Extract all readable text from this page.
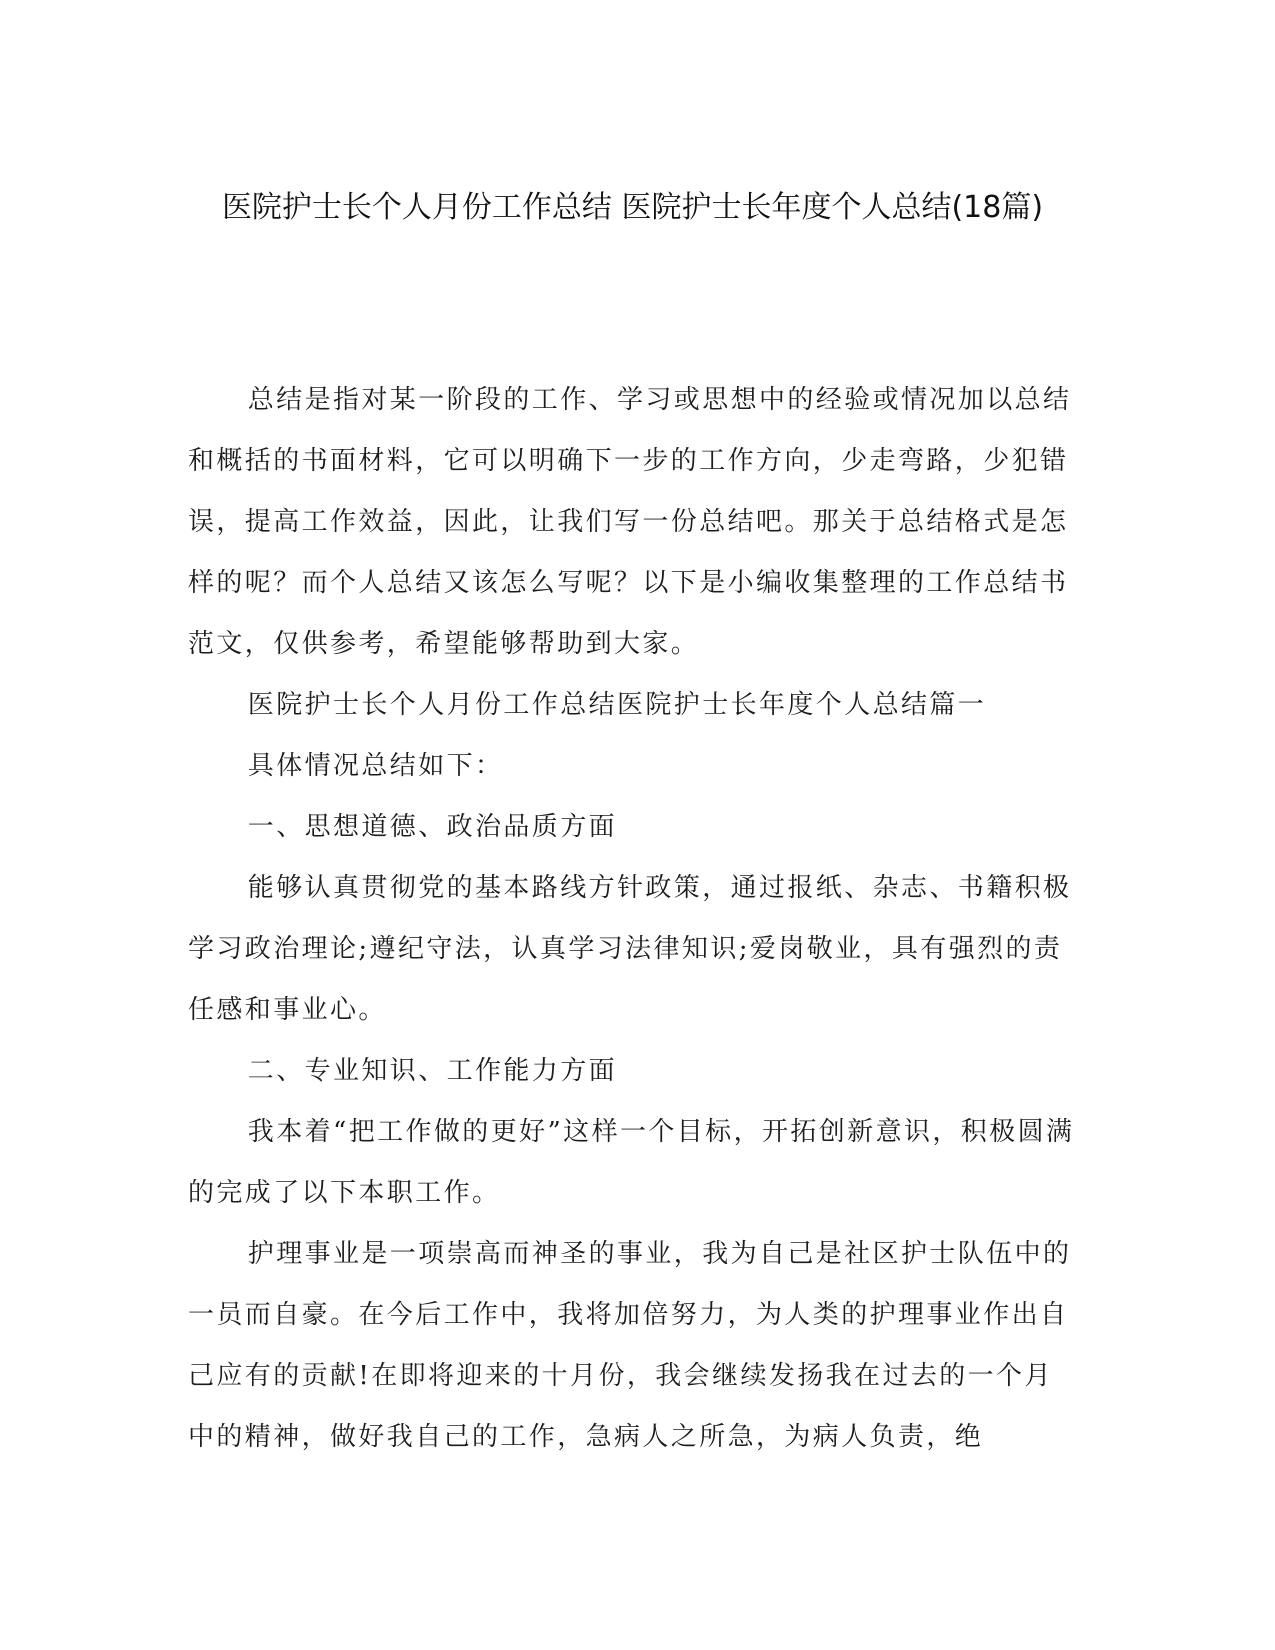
医院护士长个人月份工作总结 医院护士长年度个人总结(18篇)

总结是指对某一阶段的工作、学习或思想中的经验或情况加以总结和概括的书面材料，它可以明确下一步的工作方向，少走弯路，少犯错误，提高工作效益，因此，让我们写一份总结吧。那关于总结格式是怎样的呢？而个人总结又该怎么写呢？以下是小编收集整理的工作总结书范文，仅供参考，希望能够帮助到大家。

医院护士长个人月份工作总结医院护士长年度个人总结篇一

具体情况总结如下：

一、思想道德、政治品质方面

能够认真贯彻党的基本路线方针政策，通过报纸、杂志、书籍积极学习政治理论;遵纪守法，认真学习法律知识;爱岗敬业，具有强烈的责任感和事业心。

二、专业知识、工作能力方面

我本着“把工作做的更好”这样一个目标，开拓创新意识，积极圆满的完成了以下本职工作。

护理事业是一项崇高而神圣的事业，我为自己是社区护士队伍中的一员而自豪。在今后工作中，我将加倍努力，为人类的护理事业作出自己应有的贡献!在即将迎来的十月份，我会继续发扬我在过去的一个月中的精神，做好我自己的工作，急病人之所急，为病人负责，绝
